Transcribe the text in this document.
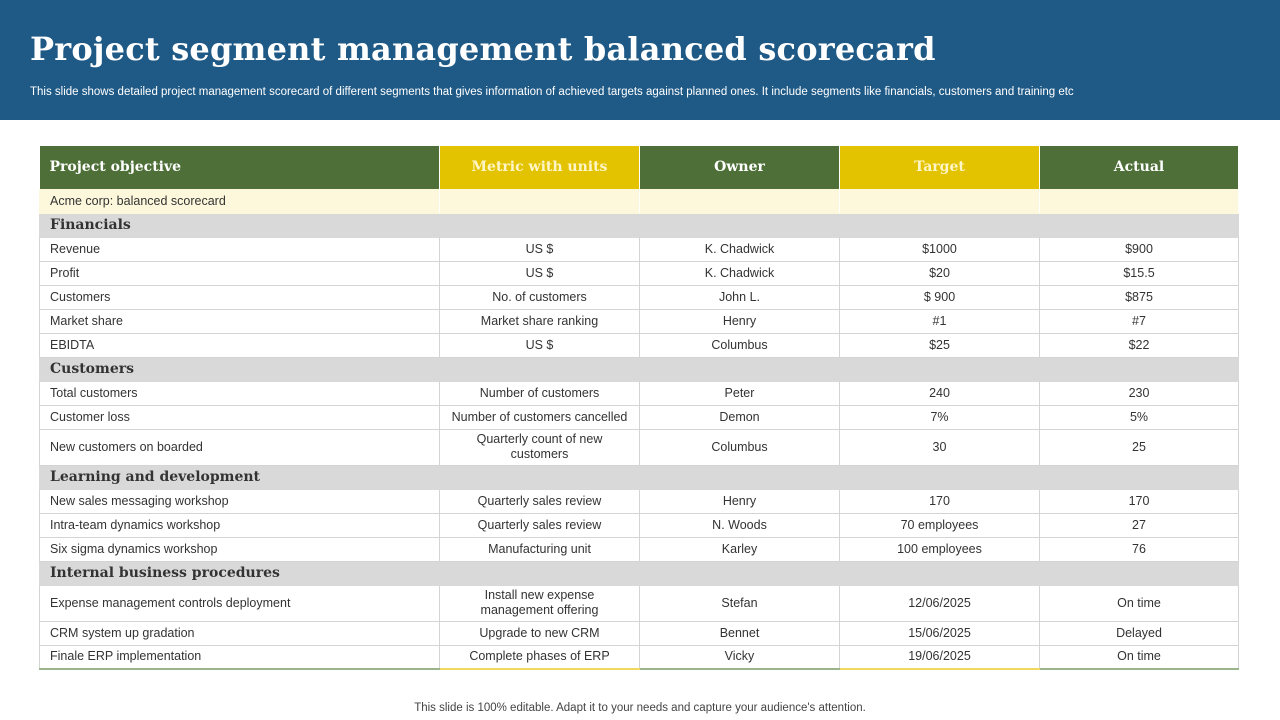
Project segment management balanced scorecard
This slide shows detailed project management scorecard of different segments that gives information of achieved targets against planned ones. It include segments like financials, customers and training etc
Project objective	Metric with units	Owner	Target	Actual
Acme corp: balanced scorecard				
Financials				
Revenue	US $	K. Chadwick	$1000	$900
Profit	US $	K. Chadwick	$20	$15.5
Customers	No. of customers	John L.	$ 900	$875
Market share	Market share ranking	Henry	#1	#7
EBIDTA	US $	Columbus	$25	$22
Customers				
Total customers	Number of customers	Peter	240	230
Customer loss	Number of customers cancelled	Demon	7%	5%
New customers on boarded	Quarterly count of new customers	Columbus	30	25
Learning and development				
New sales messaging workshop	Quarterly sales review	Henry	170	170
Intra-team dynamics workshop	Quarterly sales review	N. Woods	70 employees	27
Six sigma dynamics workshop	Manufacturing unit	Karley	100 employees	76
Internal business procedures				
Expense management controls deployment	Install new expense management offering	Stefan	12/06/2025	On time
CRM system up gradation	Upgrade to new CRM	Bennet	15/06/2025	Delayed
Finale ERP implementation	Complete phases of ERP	Vicky	19/06/2025	On time
This slide is 100% editable. Adapt it to your needs and capture your audience's attention.
